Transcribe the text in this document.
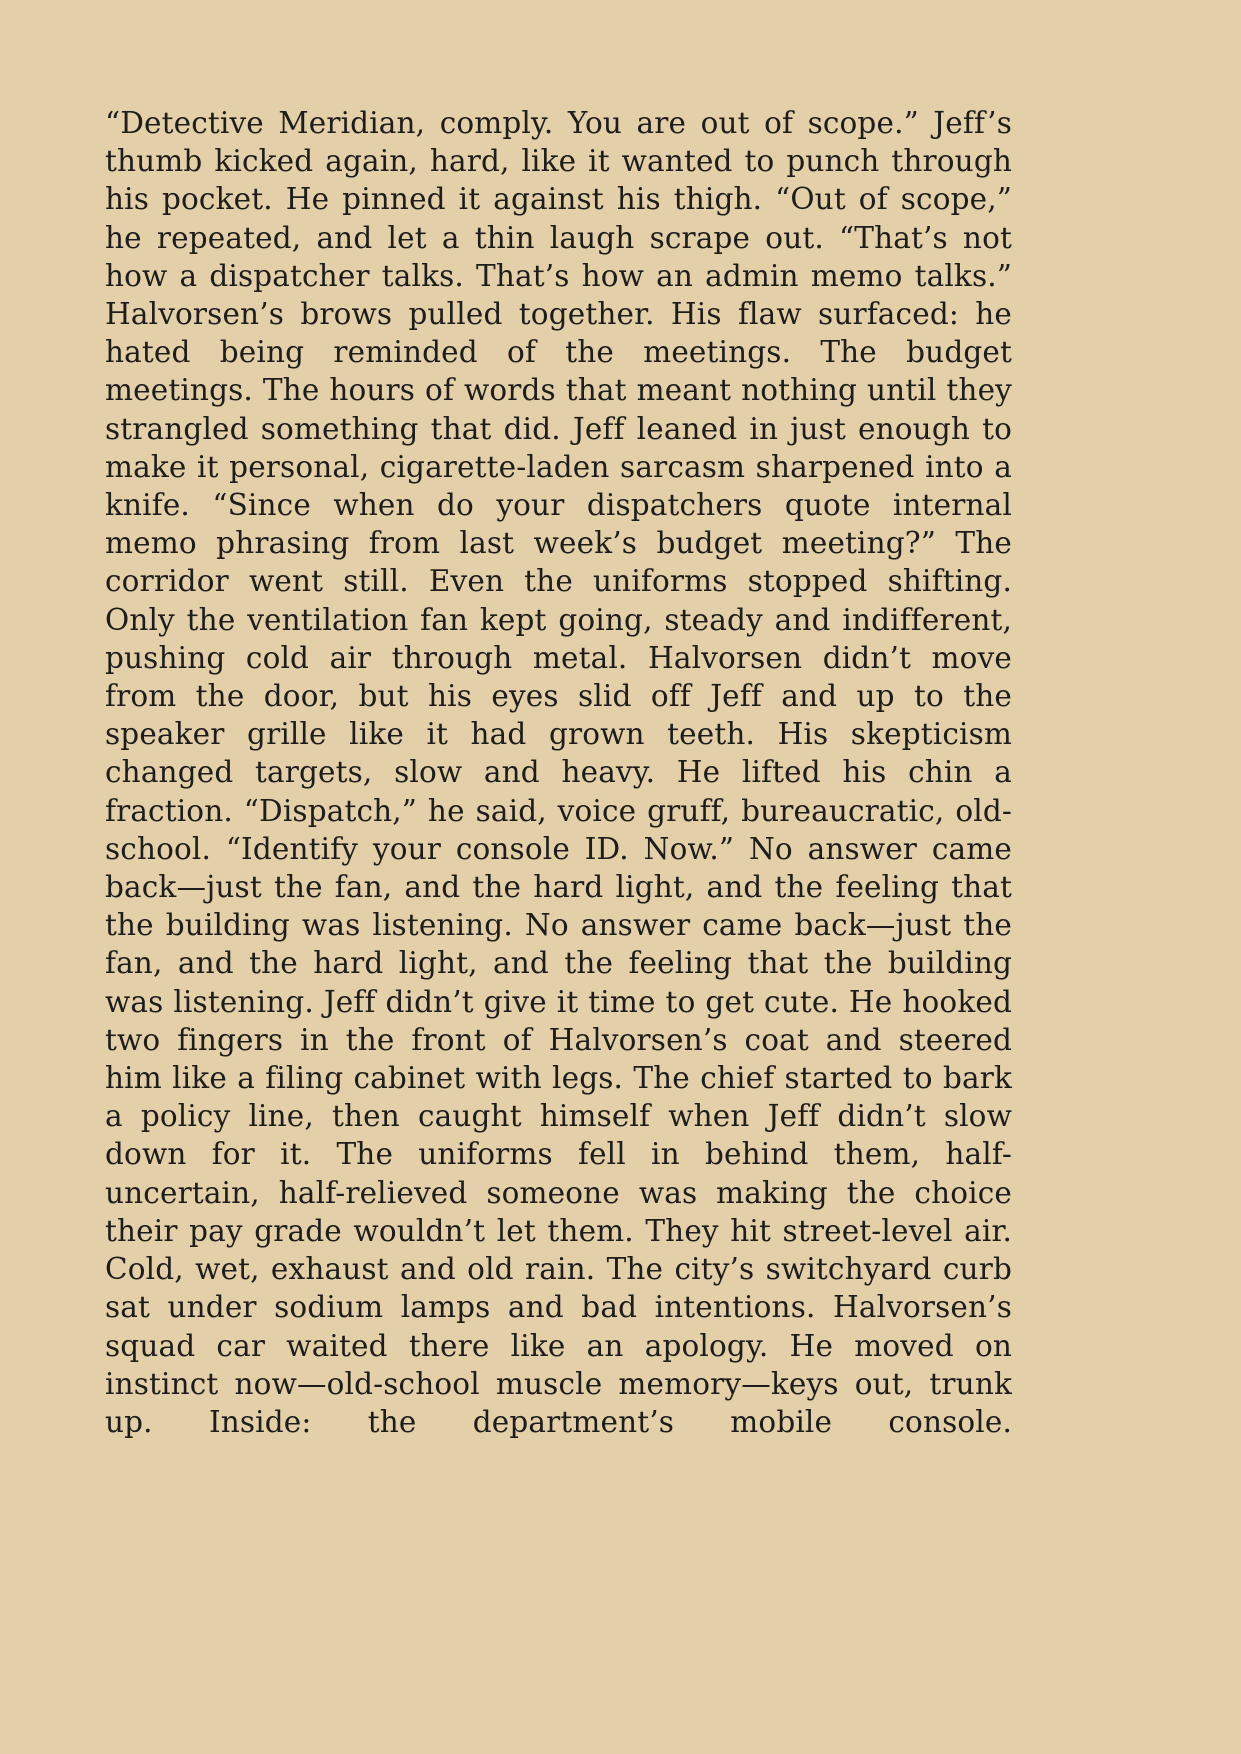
“Detective Meridian, comply. You are out of scope.” Jeff’s thumb kicked again, hard, like it wanted to punch through his pocket. He pinned it against his thigh. “Out of scope,” he repeated, and let a thin laugh scrape out. “That’s not how a dispatcher talks. That’s how an admin memo talks.” Halvorsen’s brows pulled together. His flaw surfaced: he hated being reminded of the meetings. The budget meetings. The hours of words that meant nothing until they strangled something that did. Jeff leaned in just enough to make it personal, cigarette-laden sarcasm sharpened into a knife. “Since when do your dispatchers quote internal memo phrasing from last week’s budget meeting?” The corridor went still. Even the uniforms stopped shifting. Only the ventilation fan kept going, steady and indifferent, pushing cold air through metal. Halvorsen didn’t move from the door, but his eyes slid off Jeff and up to the speaker grille like it had grown teeth. His skepticism changed targets, slow and heavy. He lifted his chin a fraction. “Dispatch,” he said, voice gruff, bureaucratic, old-school. “Identify your console ID. Now.” No answer came back—just the fan, and the hard light, and the feeling that the building was listening. No answer came back—just the fan, and the hard light, and the feeling that the building was listening. Jeff didn’t give it time to get cute. He hooked two fingers in the front of Halvorsen’s coat and steered him like a filing cabinet with legs. The chief started to bark a policy line, then caught himself when Jeff didn’t slow down for it. The uniforms fell in behind them, half-uncertain, half-relieved someone was making the choice their pay grade wouldn’t let them. They hit street-level air. Cold, wet, exhaust and old rain. The city’s switchyard curb sat under sodium lamps and bad intentions. Halvorsen’s squad car waited there like an apology. He moved on instinct now—old-school muscle memory—keys out, trunk up. Inside: the department’s mobile console.
